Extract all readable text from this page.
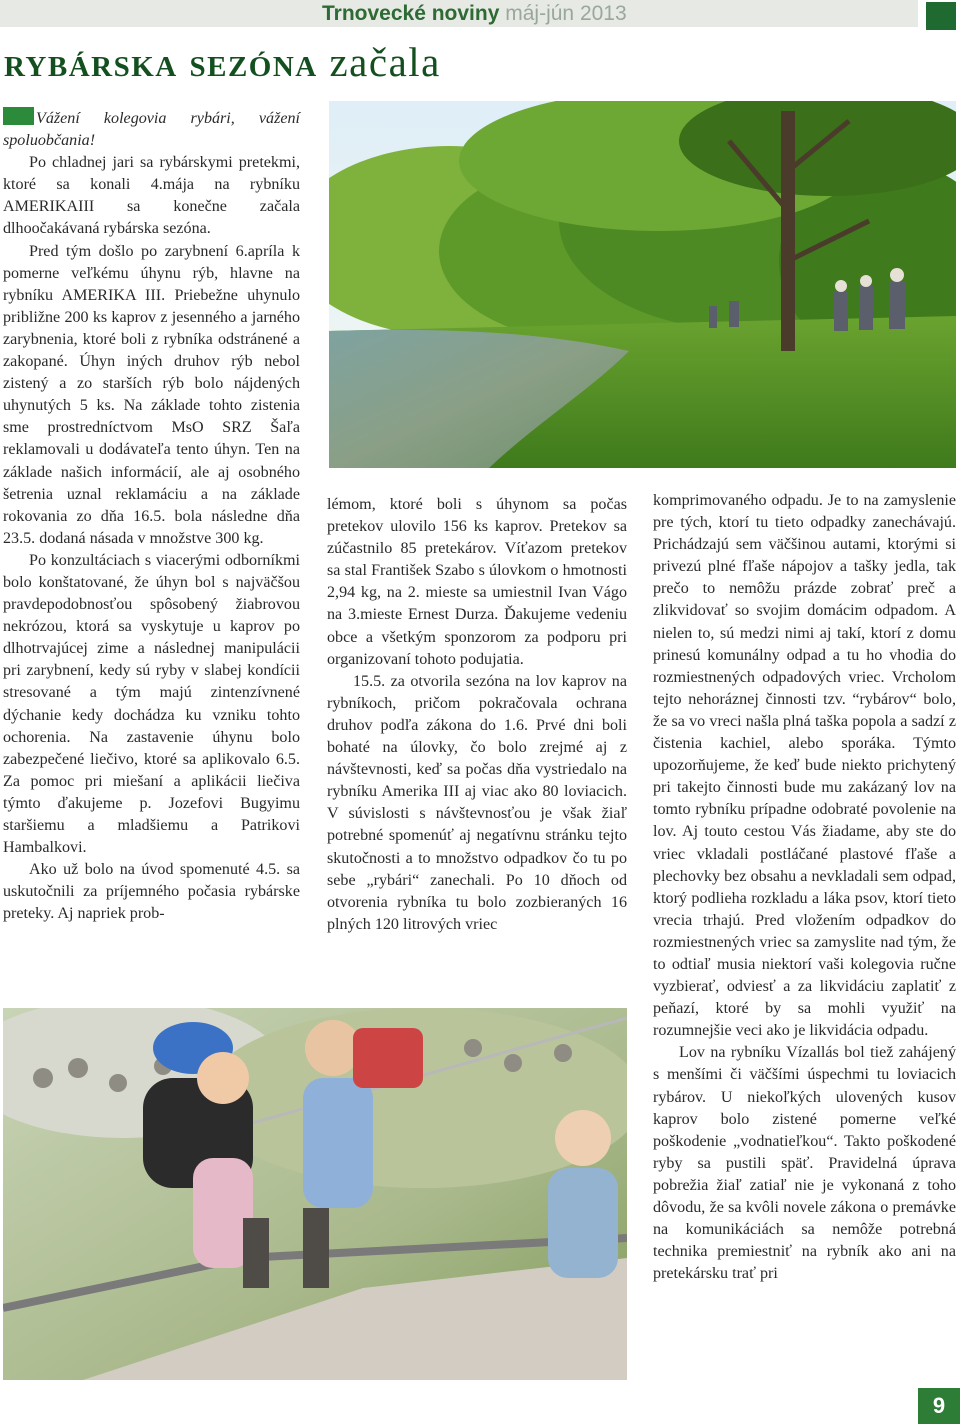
Trnovecké noviny máj-jún 2013
rybárska sezóna začala

Vážení kolegovia rybári, vážení spoluobčania!

Po chladnej jari sa rybárskymi pretekmi, ktoré sa konali 4.mája na rybníku AMERIKAIII sa konečne začala dlhoočakávaná rybárska sezóna.

Pred tým došlo po zarybnení 6.apríla k pomerne veľkému úhynu rýb, hlavne na rybníku AMERIKA III. Priebežne uhynulo približne 200 ks kaprov z jesenného a jarného zarybnenia, ktoré boli z rybníka odstránené a zakopané. Úhyn iných druhov rýb nebol zistený a zo starších rýb bolo nájdených uhynutých 5 ks. Na základe tohto zistenia sme prostredníctvom MsO SRZ Šaľa reklamovali u dodávateľa tento úhyn. Ten na základe našich informácií, ale aj osobného šetrenia uznal reklamáciu a na základe rokovania zo dňa 16.5. bola následne dňa 23.5. dodaná násada v množstve 300 kg.

Po konzultáciach s viacerými odborníkmi bolo konštatované, že úhyn bol s najväčšou pravdepodobnosťou spôsobený žiabrovou nekrózou, ktorá sa vyskytuje u kaprov po dlhotrvajúcej zime a následnej manipulácii pri zarybnení, kedy sú ryby v slabej kondícii stresované a tým majú zintenzívnené dýchanie kedy dochádza ku vzniku tohto ochorenia. Na zastavenie úhynu bolo zabezpečené liečivo, ktoré sa aplikovalo 6.5. Za pomoc pri miešaní a aplikácii liečiva týmto ďakujeme p. Jozefovi Bugyimu staršiemu a mladšiemu a Patrikovi Hambalkovi.

Ako už bolo na úvod spomenuté 4.5. sa uskutočnili za príjemného počasia rybárske preteky. Aj napriek prob-

lémom, ktoré boli s úhynom sa počas pretekov ulovilo 156 ks kaprov. Pretekov sa zúčastnilo 85 pretekárov. Víťazom pretekov sa stal František Szabo s úlovkom o hmotnosti 2,94 kg, na 2. mieste sa umiestnil Ivan Vágo na 3.mieste Ernest Durza. Ďakujeme vedeniu obce a všetkým sponzorom za podporu pri organizovaní tohoto podujatia.

15.5. za otvorila sezóna na lov kaprov na rybníkoch, pričom pokračovala ochrana druhov podľa zákona do 1.6. Prvé dni boli bohaté na úlovky, čo bolo zrejmé aj z návštevnosti, keď sa počas dňa vystriedalo na rybníku Amerika III aj viac ako 80 loviacich. V súvislosti s návštevnosťou je však žiaľ potrebné spomenúť aj negatívnu stránku tejto skutočnosti a to množstvo odpadkov čo tu po sebe „rybári“ zanechali. Po 10 dňoch od otvorenia rybníka tu bolo zozbieraných 16 plných 120 litrových vriec

komprimovaného odpadu. Je to na zamyslenie pre tých, ktorí tu tieto odpadky zanechávajú. Prichádzajú sem väčšinou autami, ktorými si privezú plné fľaše nápojov a tašky jedla, tak prečo to nemôžu prázde zobrať preč a zlikvidovať so svojim domácim odpadom. A nielen to, sú medzi nimi aj takí, ktorí z domu prinesú komunálny odpad a tu ho vhodia do rozmiestnených odpadových vriec. Vrcholom tejto nehoráznej činnosti tzv. “rybárov“ bolo, že sa vo vreci našla plná taška popola a sadzí z čistenia kachiel, alebo sporáka. Týmto upozorňujeme, že keď bude niekto prichytený pri takejto činnosti bude mu zakázaný lov na tomto rybníku prípadne odobraté povolenie na lov. Aj touto cestou Vás žiadame, aby ste do vriec vkladali postláčané plastové fľaše a plechovky bez obsahu a nevkladali sem odpad, ktorý podlieha rozkladu a láka psov, ktorí tieto vrecia trhajú. Pred vložením odpadkov do rozmiestnených vriec sa zamyslite nad tým, že to odtiaľ musia niektorí vaši kolegovia ručne vyzbierať, odviesť a za likvidáciu zaplatiť z peňazí, ktoré by sa mohli využiť na rozumnejšie veci ako je likvidácia odpadu.

Lov na rybníku Vízallás bol tiež zahájený s menšími či väčšími úspechmi tu loviacich rybárov. U niekoľkých ulovených kusov kaprov bolo zistené pomerne veľké poškodenie „vodnatieľkou“. Takto poškodené ryby sa pustili späť. Pravidelná úprava pobrežia žiaľ zatiaľ nie je vykonaná z toho dôvodu, že sa kvôli novele zákona o premávke na komunikáciách sa nemôže potrebná technika premiestniť na rybník ako ani na pretekársku trať pri

9
